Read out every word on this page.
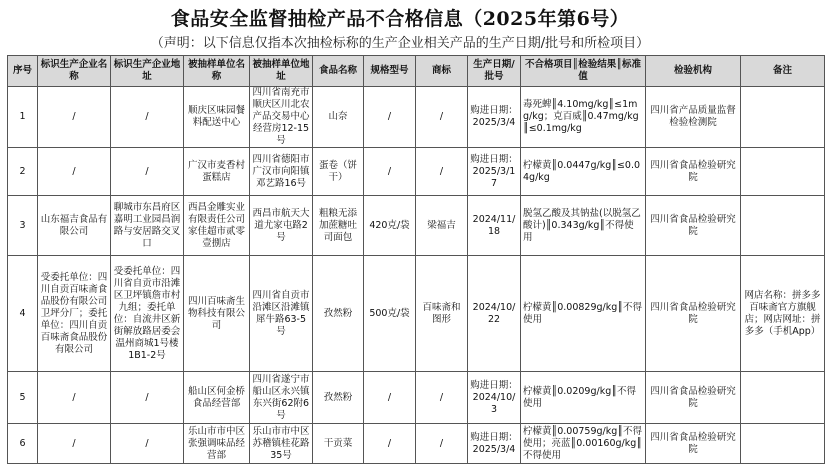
食品安全监督抽检产品不合格信息（2025年第6号）
（声明：以下信息仅指本次抽检标称的生产企业相关产品的生产日期/批号和所检项目）
序号	标识生产企业名称	标识生产企业地址	被抽样单位名称	被抽样单位地址	食品名称	规格型号	商标	生产日期/批号	不合格项目║检验结果║标准值	检验机构	备注
1	/	/	顺庆区味园餐料配送中心	四川省南充市顺庆区川北农产品交易中心经营房12-15号	山奈	/	/	购进日期：2025/3/4	毒死蜱║4.10mg/kg║≤1mg/kg；克百威║0.47mg/kg║≤0.1mg/kg	四川省产品质量监督检验检测院	
2	/	/	广汉市麦香村蛋糕店	四川省德阳市广汉市向阳镇邓艺路16号	蛋卷（饼干）	/	/	购进日期：2025/3/17	柠檬黄║0.0447g/kg║≤0.04g/kg	四川省食品检验研究院	
3	山东福吉食品有限公司	聊城市东昌府区嘉明工业园昌润路与安居路交叉口	西昌金雕实业有限责任公司家佳超市贰零壹捌店	西昌市航天大道尤家屯路2号	粗粮无添加蔗糖吐司面包	420克/袋	梁福吉	2024/11/18	脱氢乙酸及其钠盐(以脱氢乙酸计)║0.343g/kg║不得使用	四川省食品检验研究院	
4	受委托单位：四川自贡百味斋食品股份有限公司卫坪分厂；委托单位：四川自贡百味斋食品股份有限公司	受委托单位：四川省自贡市沿滩区卫坪镇詹市村九组；委托单位：自流井区新街解放路居委会温州商城1号楼1B1-2号	四川百味斋生物科技有限公司	四川省自贡市沿滩区沿滩镇犀牛路63-5号	孜然粉	500克/袋	百味斋和图形	2024/10/22	柠檬黄║0.00829g/kg║不得使用	四川省食品检验研究院	网店名称：拼多多百味斋官方旗舰店；网店网址：拼多多（手机App）
5	/	/	船山区何金桥食品经营部	四川省遂宁市船山区永兴镇东兴街62附6号	孜然粉	/	/	购进日期：2024/10/3	柠檬黄║0.0209g/kg║不得使用	四川省食品检验研究院	
6	/	/	乐山市市中区张强调味品经营部	乐山市市中区苏稽镇桂花路35号	干贡菜	/	/	购进日期：2025/3/4	柠檬黄║0.00759g/kg║不得使用；亮蓝║0.00160g/kg║不得使用	四川省食品检验研究院	
